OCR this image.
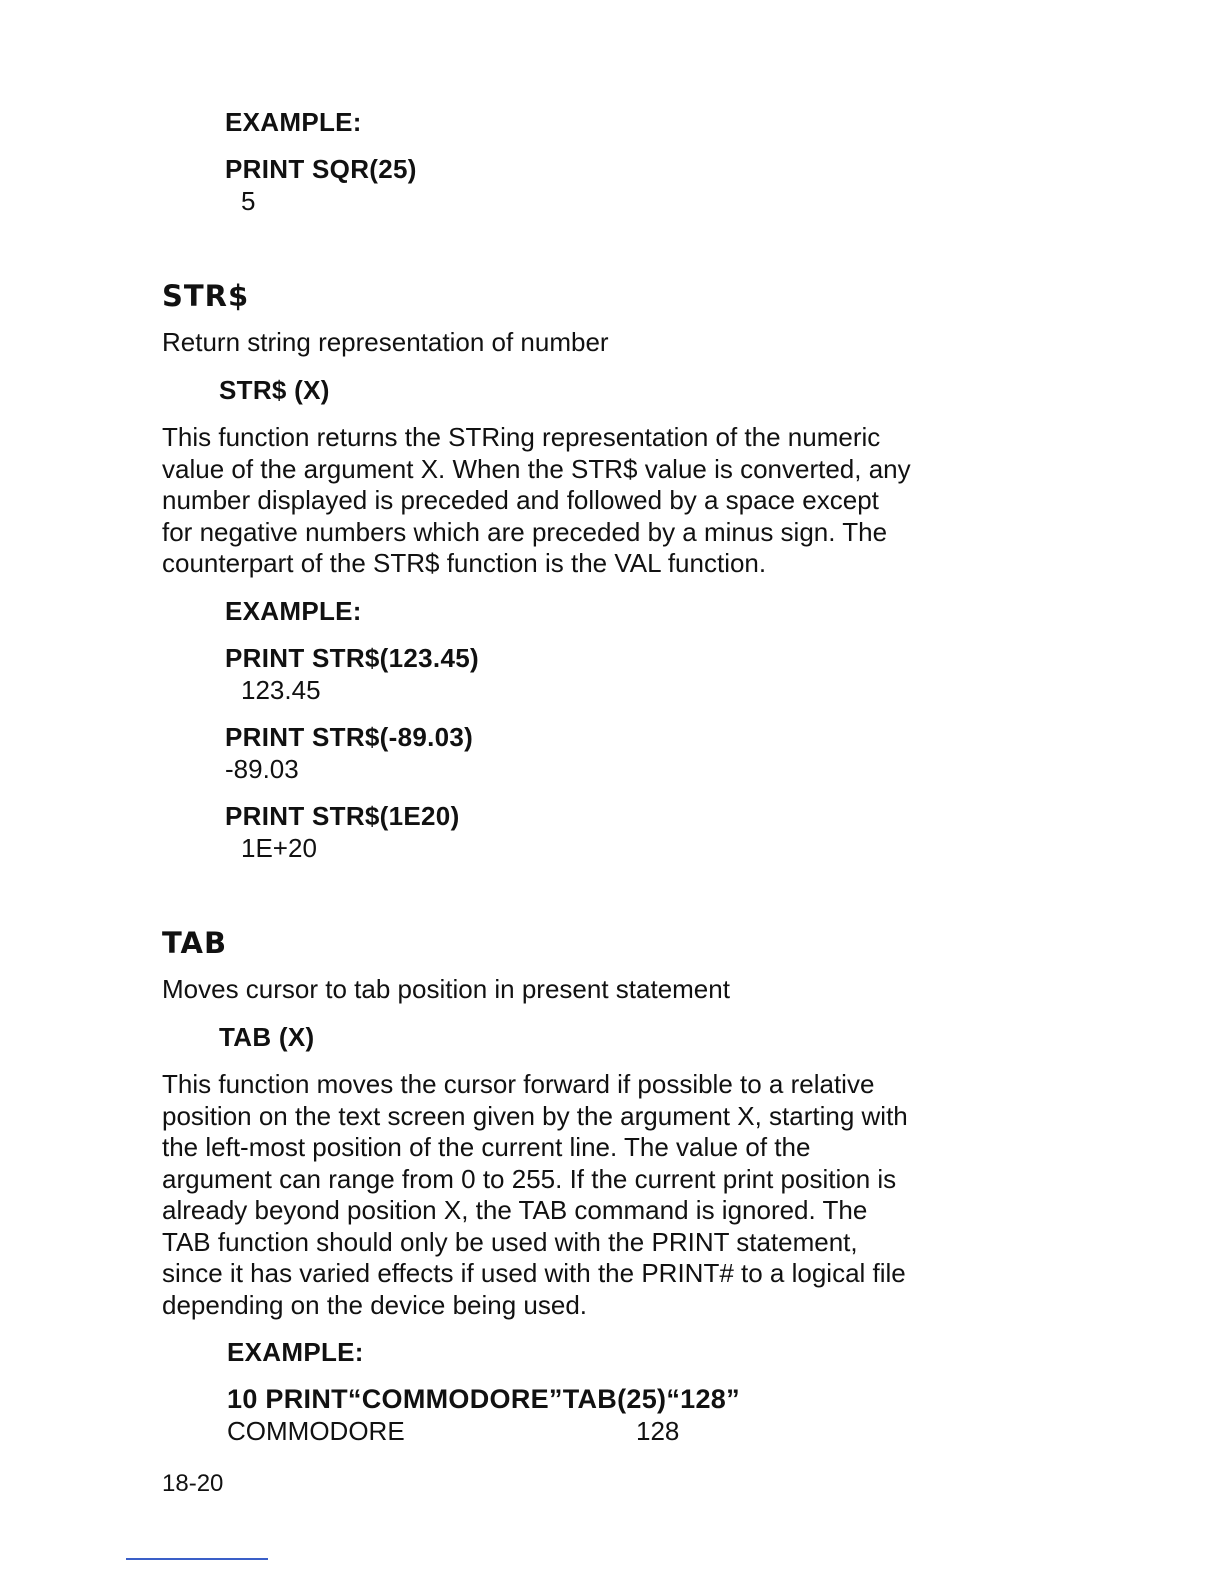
EXAMPLE:
PRINT SQR(25)
5
STR$
Return string representation of number
STR$ (X)
This function returns the STRing representation of the numeric
value of the argument X. When the STR$ value is converted, any
number displayed is preceded and followed by a space except
for negative numbers which are preceded by a minus sign. The
counterpart of the STR$ function is the VAL function.
EXAMPLE:
PRINT STR$(123.45)
123.45
PRINT STR$(-89.03)
-89.03
PRINT STR$(1E20)
1E+20
TAB
Moves cursor to tab position in present statement
TAB (X)
This function moves the cursor forward if possible to a relative
position on the text screen given by the argument X, starting with
the left-most position of the current line. The value of the
argument can range from 0 to 255. If the current print position is
already beyond position X, the TAB command is ignored. The
TAB function should only be used with the PRINT statement,
since it has varied effects if used with the PRINT# to a logical file
depending on the device being used.
EXAMPLE:
10 PRINT“COMMODORE”TAB(25)“128”
COMMODORE	128
18-20
